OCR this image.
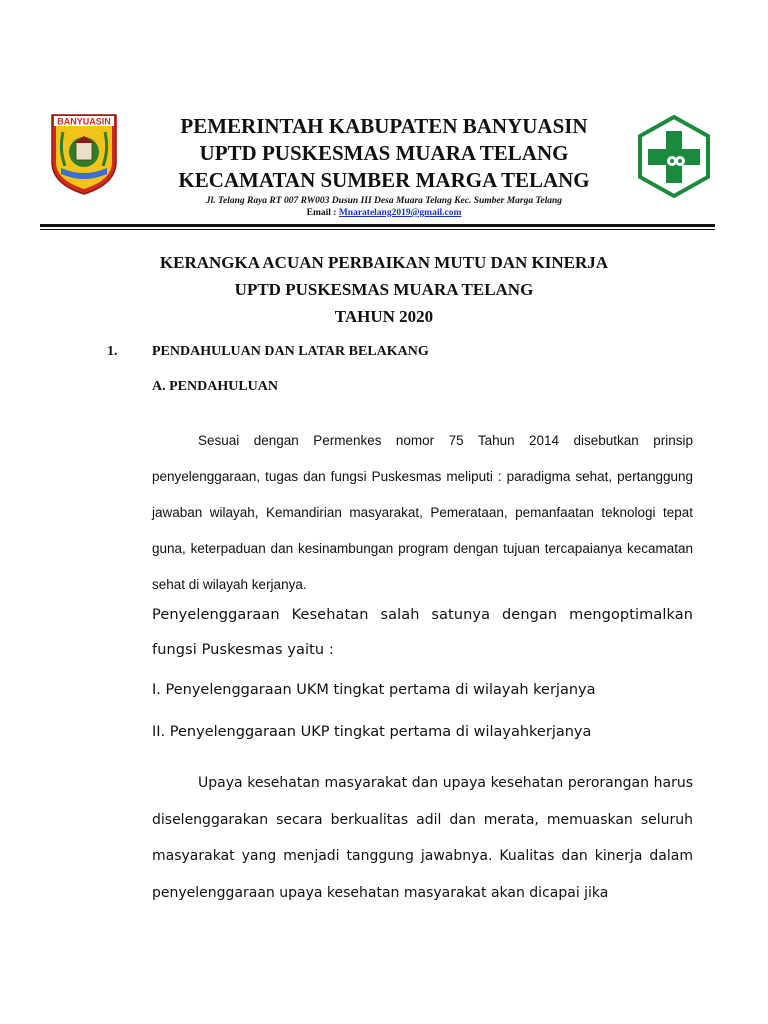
BANYUASIN	PEMERINTAH KABUPATEN BANYUASIN
UPTD PUSKESMAS MUARA TELANG
KECAMATAN SUMBER MARGA TELANG
Jl. Telang Raya RT 007 RW003 Dusun III Desa Muara Telang Kec. Sumber Marga Telang
Email : Mnaratelang2019@gmail.com
KERANGKA ACUAN PERBAIKAN MUTU DAN KINERJA
UPTD PUSKESMAS MUARA TELANG
TAHUN 2020
1. PENDAHULUAN DAN LATAR BELAKANG
A. PENDAHULUAN
Sesuai dengan Permenkes nomor 75 Tahun 2014 disebutkan prinsip penyelenggaraan, tugas dan fungsi Puskesmas meliputi : paradigma sehat, pertanggung jawaban wilayah, Kemandirian masyarakat, Pemerataan, pemanfaatan teknologi tepat guna, keterpaduan dan kesinambungan program dengan tujuan tercapaianya kecamatan sehat di wilayah kerjanya.
Penyelenggaraan Kesehatan salah satunya dengan mengoptimalkan fungsi Puskesmas yaitu :
I. Penyelenggaraan UKM tingkat pertama di wilayah kerjanya
II. Penyelenggaraan UKP tingkat pertama di wilayahkerjanya
Upaya kesehatan masyarakat dan upaya kesehatan perorangan harus diselenggarakan secara berkualitas adil dan merata, memuaskan seluruh masyarakat yang menjadi tanggung jawabnya. Kualitas dan kinerja dalam penyelenggaraan upaya kesehatan masyarakat akan dicapai jika
